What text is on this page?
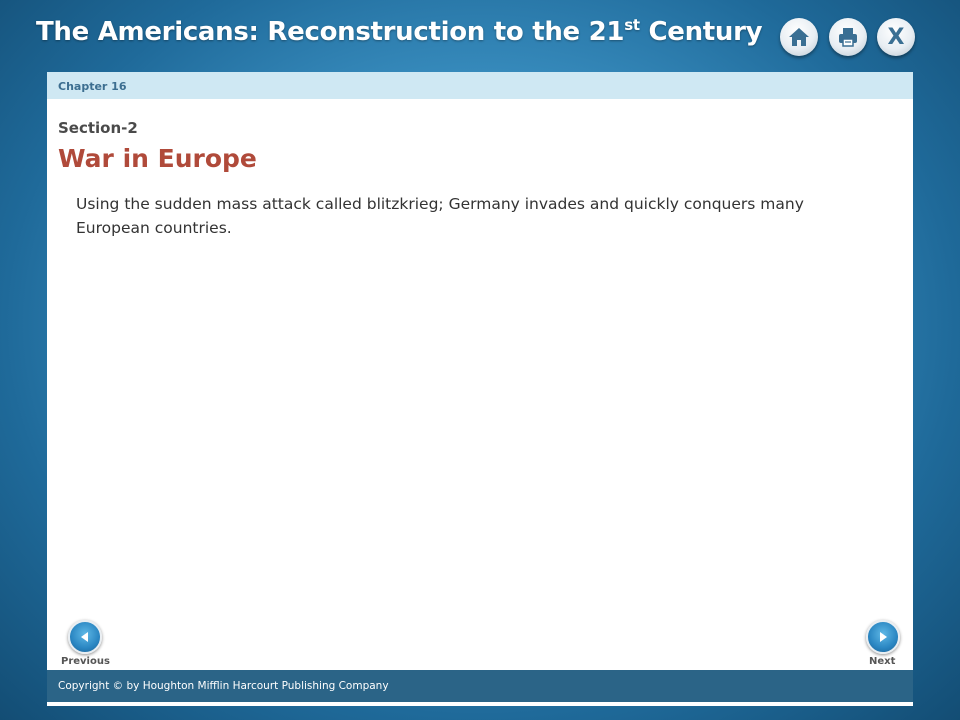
The Americans: Reconstruction to the 21st Century	X
Chapter 16
Section-2
War in Europe
Using the sudden mass attack called blitzkrieg; Germany invades and quickly conquers many European countries.
Previous	Next
Copyright © by Houghton Mifflin Harcourt Publishing Company
